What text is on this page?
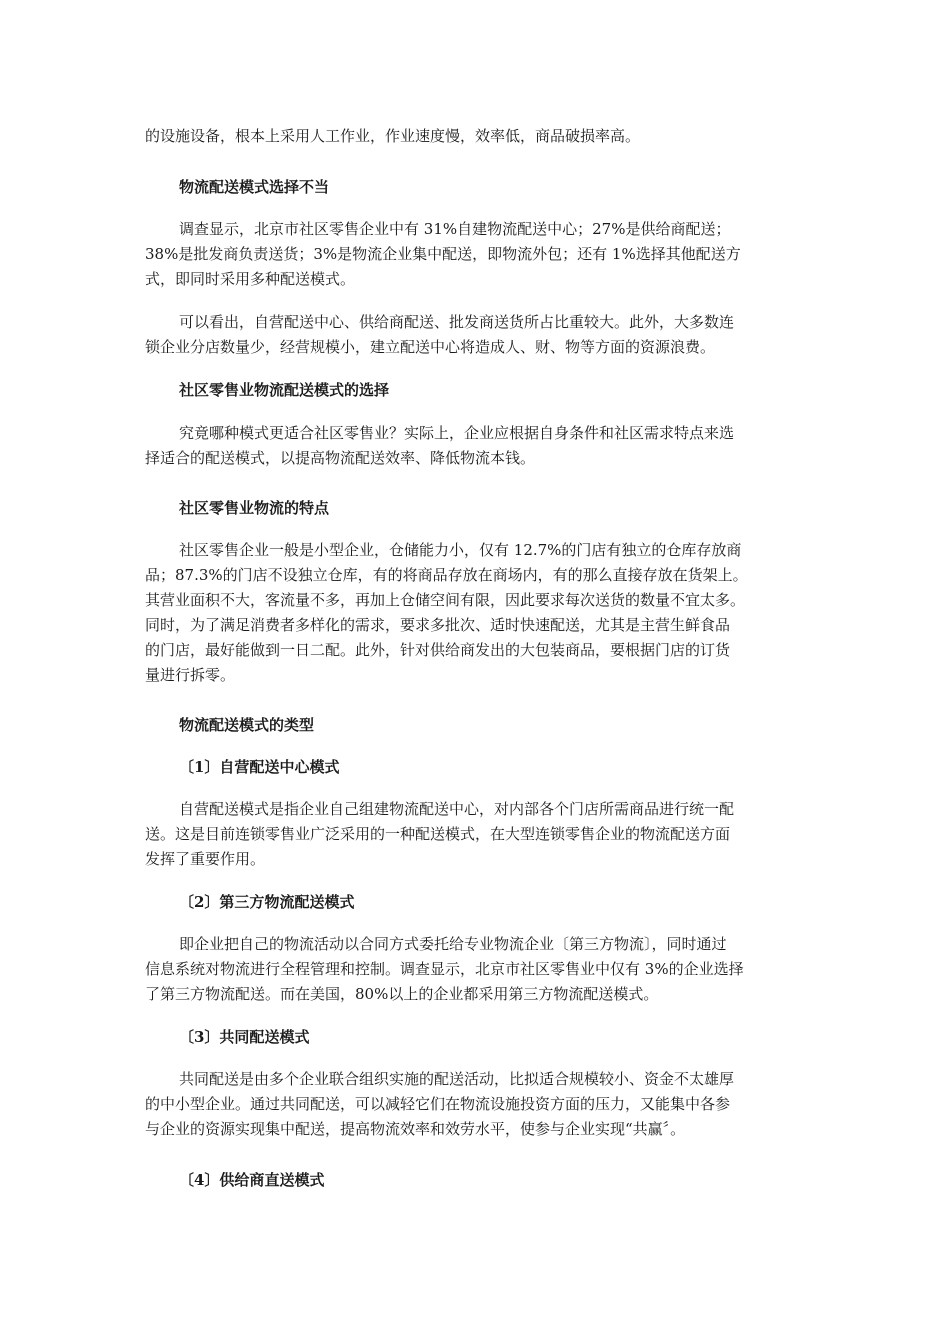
的设施设备，根本上采用人工作业，作业速度慢，效率低，商品破损率高。

物流配送模式选择不当

调查显示，北京市社区零售企业中有 31%自建物流配送中心；27%是供给商配送；
38%是批发商负责送货；3%是物流企业集中配送，即物流外包；还有 1%选择其他配送方
式，即同时采用多种配送模式。

可以看出，自营配送中心、供给商配送、批发商送货所占比重较大。此外，大多数连
锁企业分店数量少，经营规模小，建立配送中心将造成人、财、物等方面的资源浪费。

社区零售业物流配送模式的选择

究竟哪种模式更适合社区零售业？实际上，企业应根据自身条件和社区需求特点来选
择适合的配送模式，以提高物流配送效率、降低物流本钱。

社区零售业物流的特点

社区零售企业一般是小型企业，仓储能力小，仅有 12.7%的门店有独立的仓库存放商
品；87.3%的门店不设独立仓库，有的将商品存放在商场内，有的那么直接存放在货架上。
其营业面积不大，客流量不多，再加上仓储空间有限，因此要求每次送货的数量不宜太多。
同时，为了满足消费者多样化的需求，要求多批次、适时快速配送，尤其是主营生鲜食品
的门店，最好能做到一日二配。此外，针对供给商发出的大包装商品，要根据门店的订货
量进行拆零。

物流配送模式的类型

〔1〕自营配送中心模式

自营配送模式是指企业自己组建物流配送中心，对内部各个门店所需商品进行统一配
送。这是目前连锁零售业广泛采用的一种配送模式，在大型连锁零售企业的物流配送方面
发挥了重要作用。

〔2〕第三方物流配送模式

即企业把自己的物流活动以合同方式委托给专业物流企业〔第三方物流〕，同时通过
信息系统对物流进行全程管理和控制。调查显示，北京市社区零售业中仅有 3%的企业选择
了第三方物流配送。而在美国，80%以上的企业都采用第三方物流配送模式。

〔3〕共同配送模式

共同配送是由多个企业联合组织实施的配送活动，比拟适合规模较小、资金不太雄厚
的中小型企业。通过共同配送，可以减轻它们在物流设施投资方面的压力，又能集中各参
与企业的资源实现集中配送，提高物流效率和效劳水平，使参与企业实现“共赢〞。

〔4〕供给商直送模式
